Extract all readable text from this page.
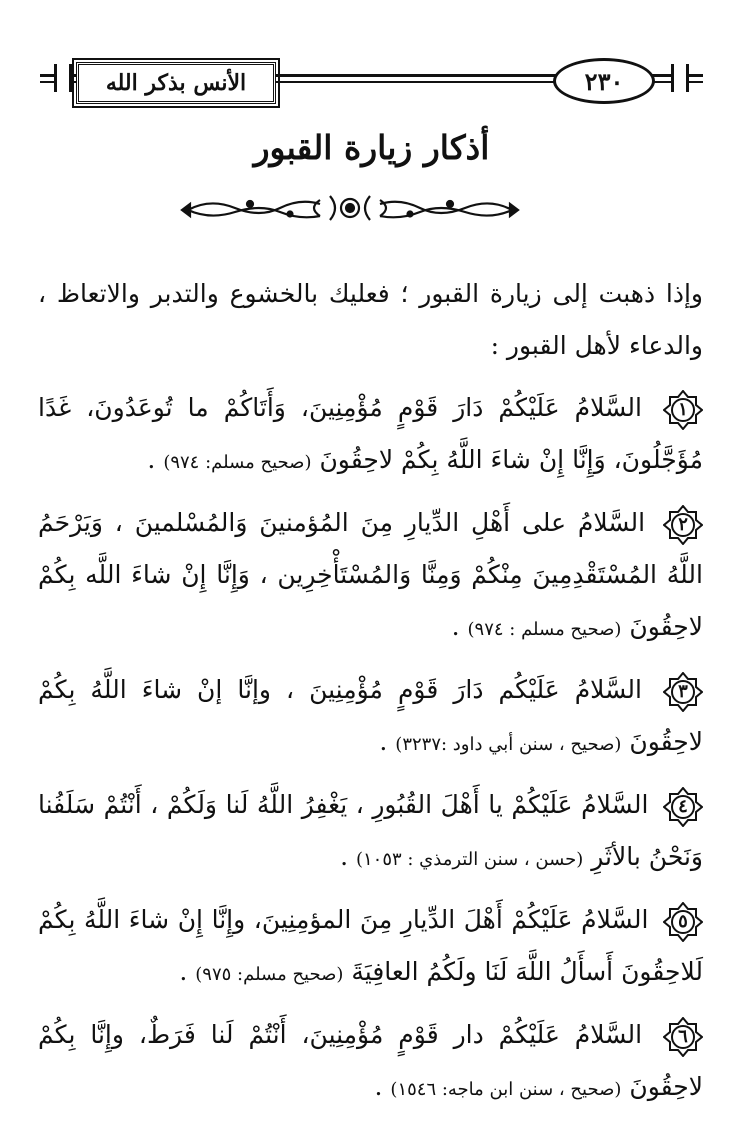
الأنس بذكر الله	٢٣٠
أذكار زيارة القبور

وإذا ذهبت إلى زيارة القبور ؛ فعليك بالخشوع والتدبر والاتعاظ ، والدعاء لأهل القبور :

١
السَّلامُ عَلَيْكُمْ دَارَ قَوْمٍ مُؤْمِنِينَ، وَأَتَاكُمْ ما تُوعَدُونَ، غَدًا مُؤَجَّلُونَ، وَإِنَّا إِنْ شاءَ اللَّهُ بِكُمْ لاحِقُونَ (صحيح مسلم: ٩٧٤) .

٢
السَّلامُ على أَهْلِ الدِّيارِ مِنَ المُؤمنينَ وَالمُسْلمينَ ، وَيَرْحَمُ اللَّهُ المُسْتَقْدِمِينَ مِنْكُمْ وَمِنَّا وَالمُسْتَأْخِرِين ، وَإِنَّا إِنْ شاءَ اللَّه بِكُمْ لاحِقُونَ (صحيح مسلم : ٩٧٤) .

٣
السَّلامُ عَلَيْكُم دَارَ قَوْمٍ مُؤْمِنِينَ ، وإنَّا إنْ شاءَ اللَّهُ بِكُمْ لاحِقُونَ (صحيح ، سنن أبي داود :٣٢٣٧) .

٤
السَّلامُ عَلَيْكُمْ يا أَهْلَ القُبُورِ ، يَغْفِرُ اللَّهُ لَنا وَلَكُمْ ، أَنْتُمْ سَلَفُنا وَنَحْنُ بالأثَرِ (حسن ، سنن الترمذي : ١٠٥٣) .

٥
السَّلامُ عَلَيْكُمْ أَهْلَ الدِّيارِ مِنَ المؤمِنِينَ، وإِنَّا إِنْ شاءَ اللَّهُ بِكُمْ لَلاحِقُونَ أَسأَلُ اللَّهَ لَنَا ولَكُمُ العافِيَةَ (صحيح مسلم: ٩٧٥) .

٦
السَّلامُ عَلَيْكُمْ دار قَوْمٍ مُؤْمِنِينَ، أَنْتُمْ لَنا فَرَطٌ، وإِنَّا بِكُمْ لاحِقُونَ (صحيح ، سنن ابن ماجه: ١٥٤٦) .
